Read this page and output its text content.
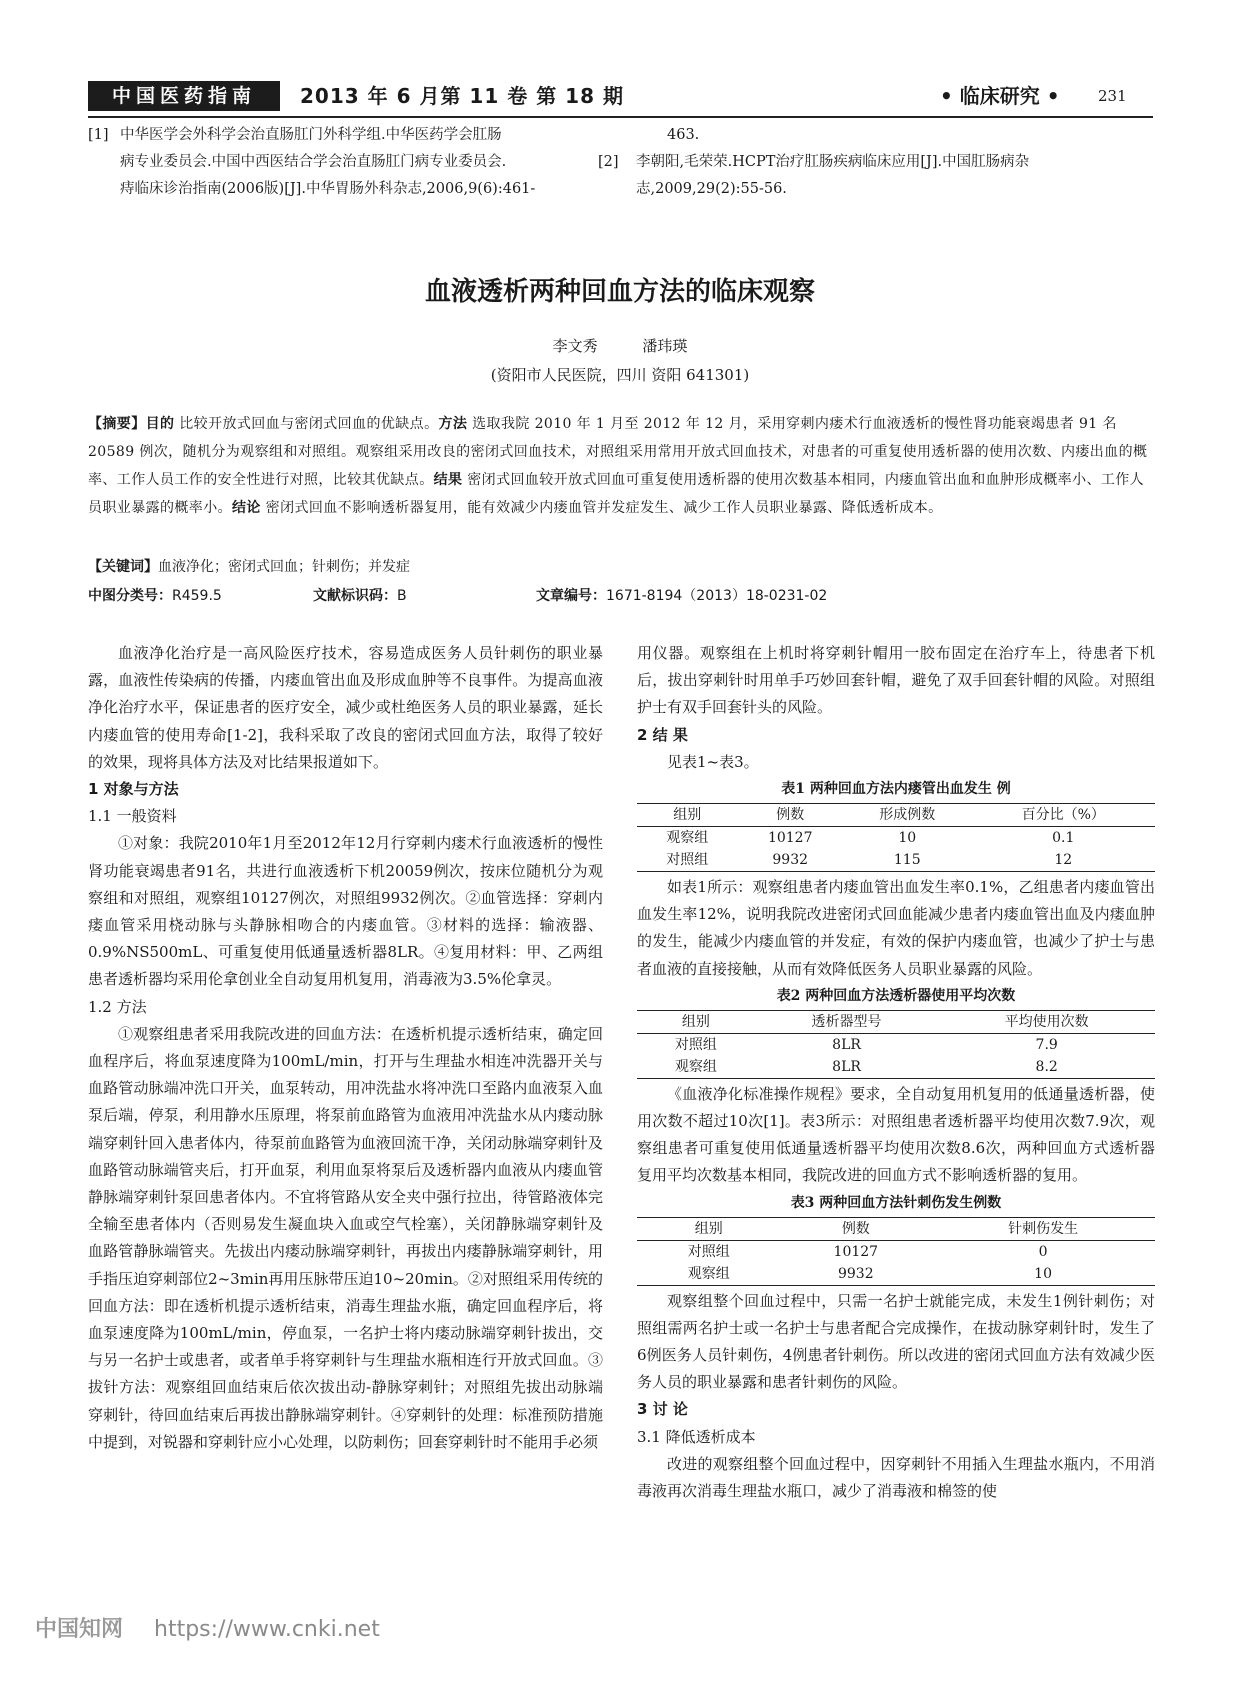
中国医药指南	2013 年 6 月第 11 卷 第 18 期	• 临床研究 •	231
[1] 中华医学会外科学会治直肠肛门外科学组.中华医药学会肛肠
病专业委员会.中国中西医结合学会治直肠肛门病专业委员会.
痔临床诊治指南(2006版)[J].中华胃肠外科杂志,2006,9(6):461-
463.
[2] 李朝阳,毛荣荣.HCPT治疗肛肠疾病临床应用[J].中国肛肠病杂
志,2009,29(2):55-56.
血液透析两种回血方法的临床观察
李文秀 潘玮瑛
(资阳市人民医院，四川 资阳 641301)
【摘要】目的 比较开放式回血与密闭式回血的优缺点。方法 选取我院 2010 年 1 月至 2012 年 12 月，采用穿刺内瘘术行血液透析的慢性肾功能衰竭患者 91 名 20589 例次，随机分为观察组和对照组。观察组采用改良的密闭式回血技术，对照组采用常用开放式回血技术，对患者的可重复使用透析器的使用次数、内瘘出血的概率、工作人员工作的安全性进行对照，比较其优缺点。结果 密闭式回血较开放式回血可重复使用透析器的使用次数基本相同，内瘘血管出血和血肿形成概率小、工作人员职业暴露的概率小。结论 密闭式回血不影响透析器复用，能有效减少内瘘血管并发症发生、减少工作人员职业暴露、降低透析成本。
【关键词】血液净化；密闭式回血；针刺伤；并发症
中图分类号：R459.5	文献标识码：B	文章编号：1671-8194（2013）18-0231-02

血液净化治疗是一高风险医疗技术，容易造成医务人员针刺伤的职业暴露，血液性传染病的传播，内瘘血管出血及形成血肿等不良事件。为提高血液净化治疗水平，保证患者的医疗安全，减少或杜绝医务人员的职业暴露，延长内瘘血管的使用寿命[1-2]，我科采取了改良的密闭式回血方法，取得了较好的效果，现将具体方法及对比结果报道如下。

1 对象与方法
1.1 一般资料

①对象：我院2010年1月至2012年12月行穿刺内瘘术行血液透析的慢性肾功能衰竭患者91名，共进行血液透析下机20059例次，按床位随机分为观察组和对照组，观察组10127例次，对照组9932例次。②血管选择：穿刺内瘘血管采用桡动脉与头静脉相吻合的内瘘血管。③材料的选择：输液器、0.9%NS500mL、可重复使用低通量透析器8LR。④复用材料：甲、乙两组患者透析器均采用伦拿创业全自动复用机复用，消毒液为3.5%伦拿灵。

1.2 方法

①观察组患者采用我院改进的回血方法：在透析机提示透析结束，确定回血程序后，将血泵速度降为100mL/min，打开与生理盐水相连冲洗器开关与血路管动脉端冲洗口开关，血泵转动，用冲洗盐水将冲洗口至路内血液泵入血泵后端，停泵，利用静水压原理，将泵前血路管为血液用冲洗盐水从内瘘动脉端穿刺针回入患者体内，待泵前血路管为血液回流干净，关闭动脉端穿刺针及血路管动脉端管夹后，打开血泵，利用血泵将泵后及透析器内血液从内瘘血管静脉端穿刺针泵回患者体内。不宜将管路从安全夹中强行拉出，待管路液体完全输至患者体内（否则易发生凝血块入血或空气栓塞），关闭静脉端穿刺针及血路管静脉端管夹。先拔出内瘘动脉端穿刺针，再拔出内瘘静脉端穿刺针，用手指压迫穿刺部位2~3min再用压脉带压迫10~20min。②对照组采用传统的回血方法：即在透析机提示透析结束，消毒生理盐水瓶，确定回血程序后，将血泵速度降为100mL/min，停血泵，一名护士将内瘘动脉端穿刺针拔出，交与另一名护士或患者，或者单手将穿刺针与生理盐水瓶相连行开放式回血。③拔针方法：观察组回血结束后依次拔出动-静脉穿刺针；对照组先拔出动脉端穿刺针，待回血结束后再拔出静脉端穿刺针。④穿刺针的处理：标准预防措施中提到，对锐器和穿刺针应小心处理，以防刺伤；回套穿刺针时不能用手必须

用仪器。观察组在上机时将穿刺针帽用一胶布固定在治疗车上，待患者下机后，拔出穿刺针时用单手巧妙回套针帽，避免了双手回套针帽的风险。对照组护士有双手回套针头的风险。

2 结 果

见表1~表3。

表1 两种回血方法内瘘管出血发生 例
组别	例数	形成例数	百分比（%）
观察组	10127	10	0.1
对照组	9932	115	12

如表1所示：观察组患者内瘘血管出血发生率0.1%，乙组患者内瘘血管出血发生率12%，说明我院改进密闭式回血能减少患者内瘘血管出血及内瘘血肿的发生，能减少内瘘血管的并发症，有效的保护内瘘血管，也减少了护士与患者血液的直接接触，从而有效降低医务人员职业暴露的风险。

表2 两种回血方法透析器使用平均次数
组别	透析器型号	平均使用次数
对照组	8LR	7.9
观察组	8LR	8.2

《血液净化标准操作规程》要求，全自动复用机复用的低通量透析器，使用次数不超过10次[1]。表3所示：对照组患者透析器平均使用次数7.9次，观察组患者可重复使用低通量透析器平均使用次数8.6次，两种回血方式透析器复用平均次数基本相同，我院改进的回血方式不影响透析器的复用。

表3 两种回血方法针刺伤发生例数
组别	例数	针刺伤发生
对照组	10127	0
观察组	9932	10

观察组整个回血过程中，只需一名护士就能完成，未发生1例针刺伤；对照组需两名护士或一名护士与患者配合完成操作，在拔动脉穿刺针时，发生了6例医务人员针刺伤，4例患者针刺伤。所以改进的密闭式回血方法有效减少医务人员的职业暴露和患者针刺伤的风险。

3 讨 论
3.1 降低透析成本

改进的观察组整个回血过程中，因穿刺针不用插入生理盐水瓶内，不用消毒液再次消毒生理盐水瓶口，减少了消毒液和棉签的使

中国知网 https://www.cnki.net
